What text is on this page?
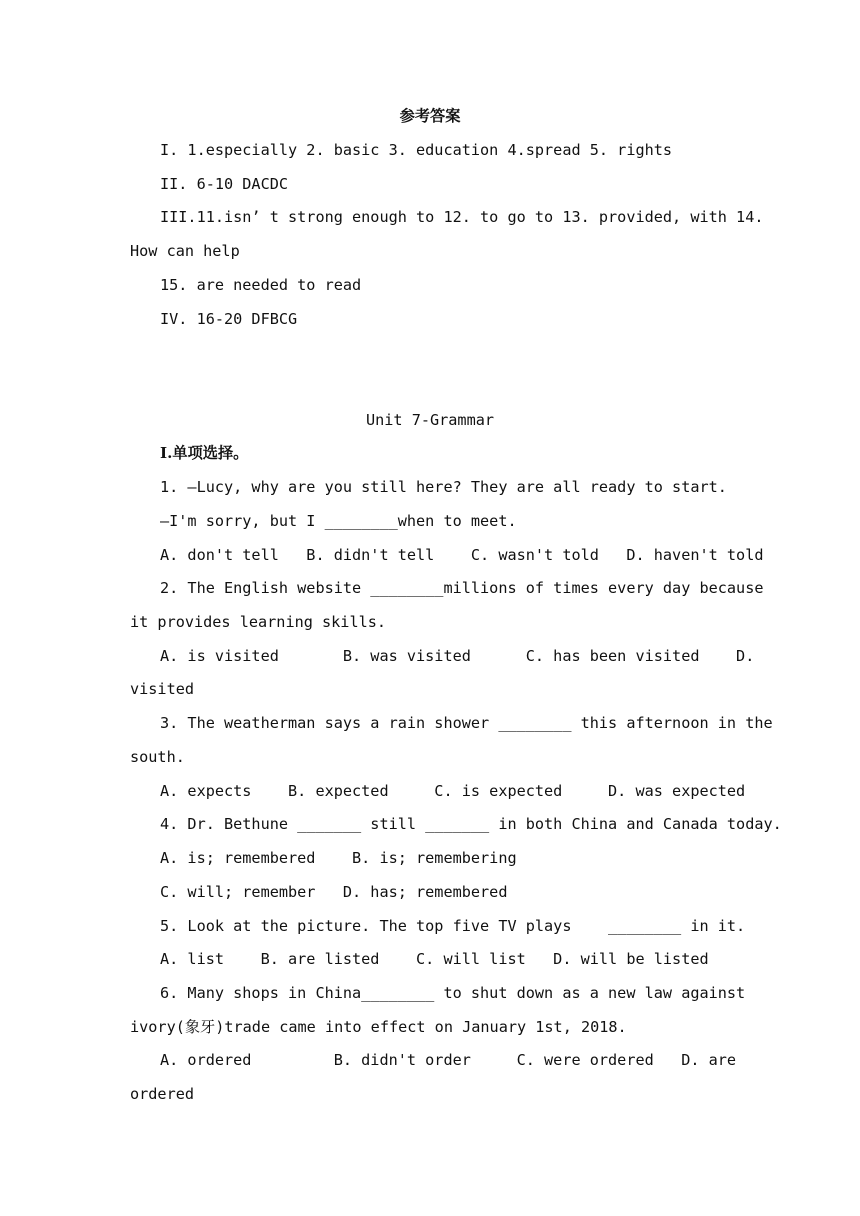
参考答案
I. 1.especially 2. basic 3. education 4.spread 5. rights
II. 6-10 DACDC
III.11.isn’ t strong enough to 12. to go to 13. provided, with 14.
How can help
15. are needed to read
IV. 16-20 DFBCG
Unit 7-Grammar
Ⅰ.单项选择。
1. —Lucy, why are you still here? They are all ready to start.
—I'm sorry, but I ________when to meet.
A. don't tell   B. didn't tell    C. wasn't told   D. haven't told
2. The English website ________millions of times every day because
it provides learning skills.
A. is visited       B. was visited      C. has been visited    D.
visited
3. The weatherman says a rain shower ________ this afternoon in the
south.
A. expects    B. expected     C. is expected     D. was expected
4. Dr. Bethune _______ still _______ in both China and Canada today.
A. is; remembered    B. is; remembering
C. will; remember   D. has; remembered
5. Look at the picture. The top five TV plays    ________ in it.
A. list    B. are listed    C. will list   D. will be listed
6. Many shops in China________ to shut down as a new law against
ivory(象牙)trade came into effect on January 1st, 2018.
A. ordered         B. didn't order     C. were ordered   D. are
ordered
